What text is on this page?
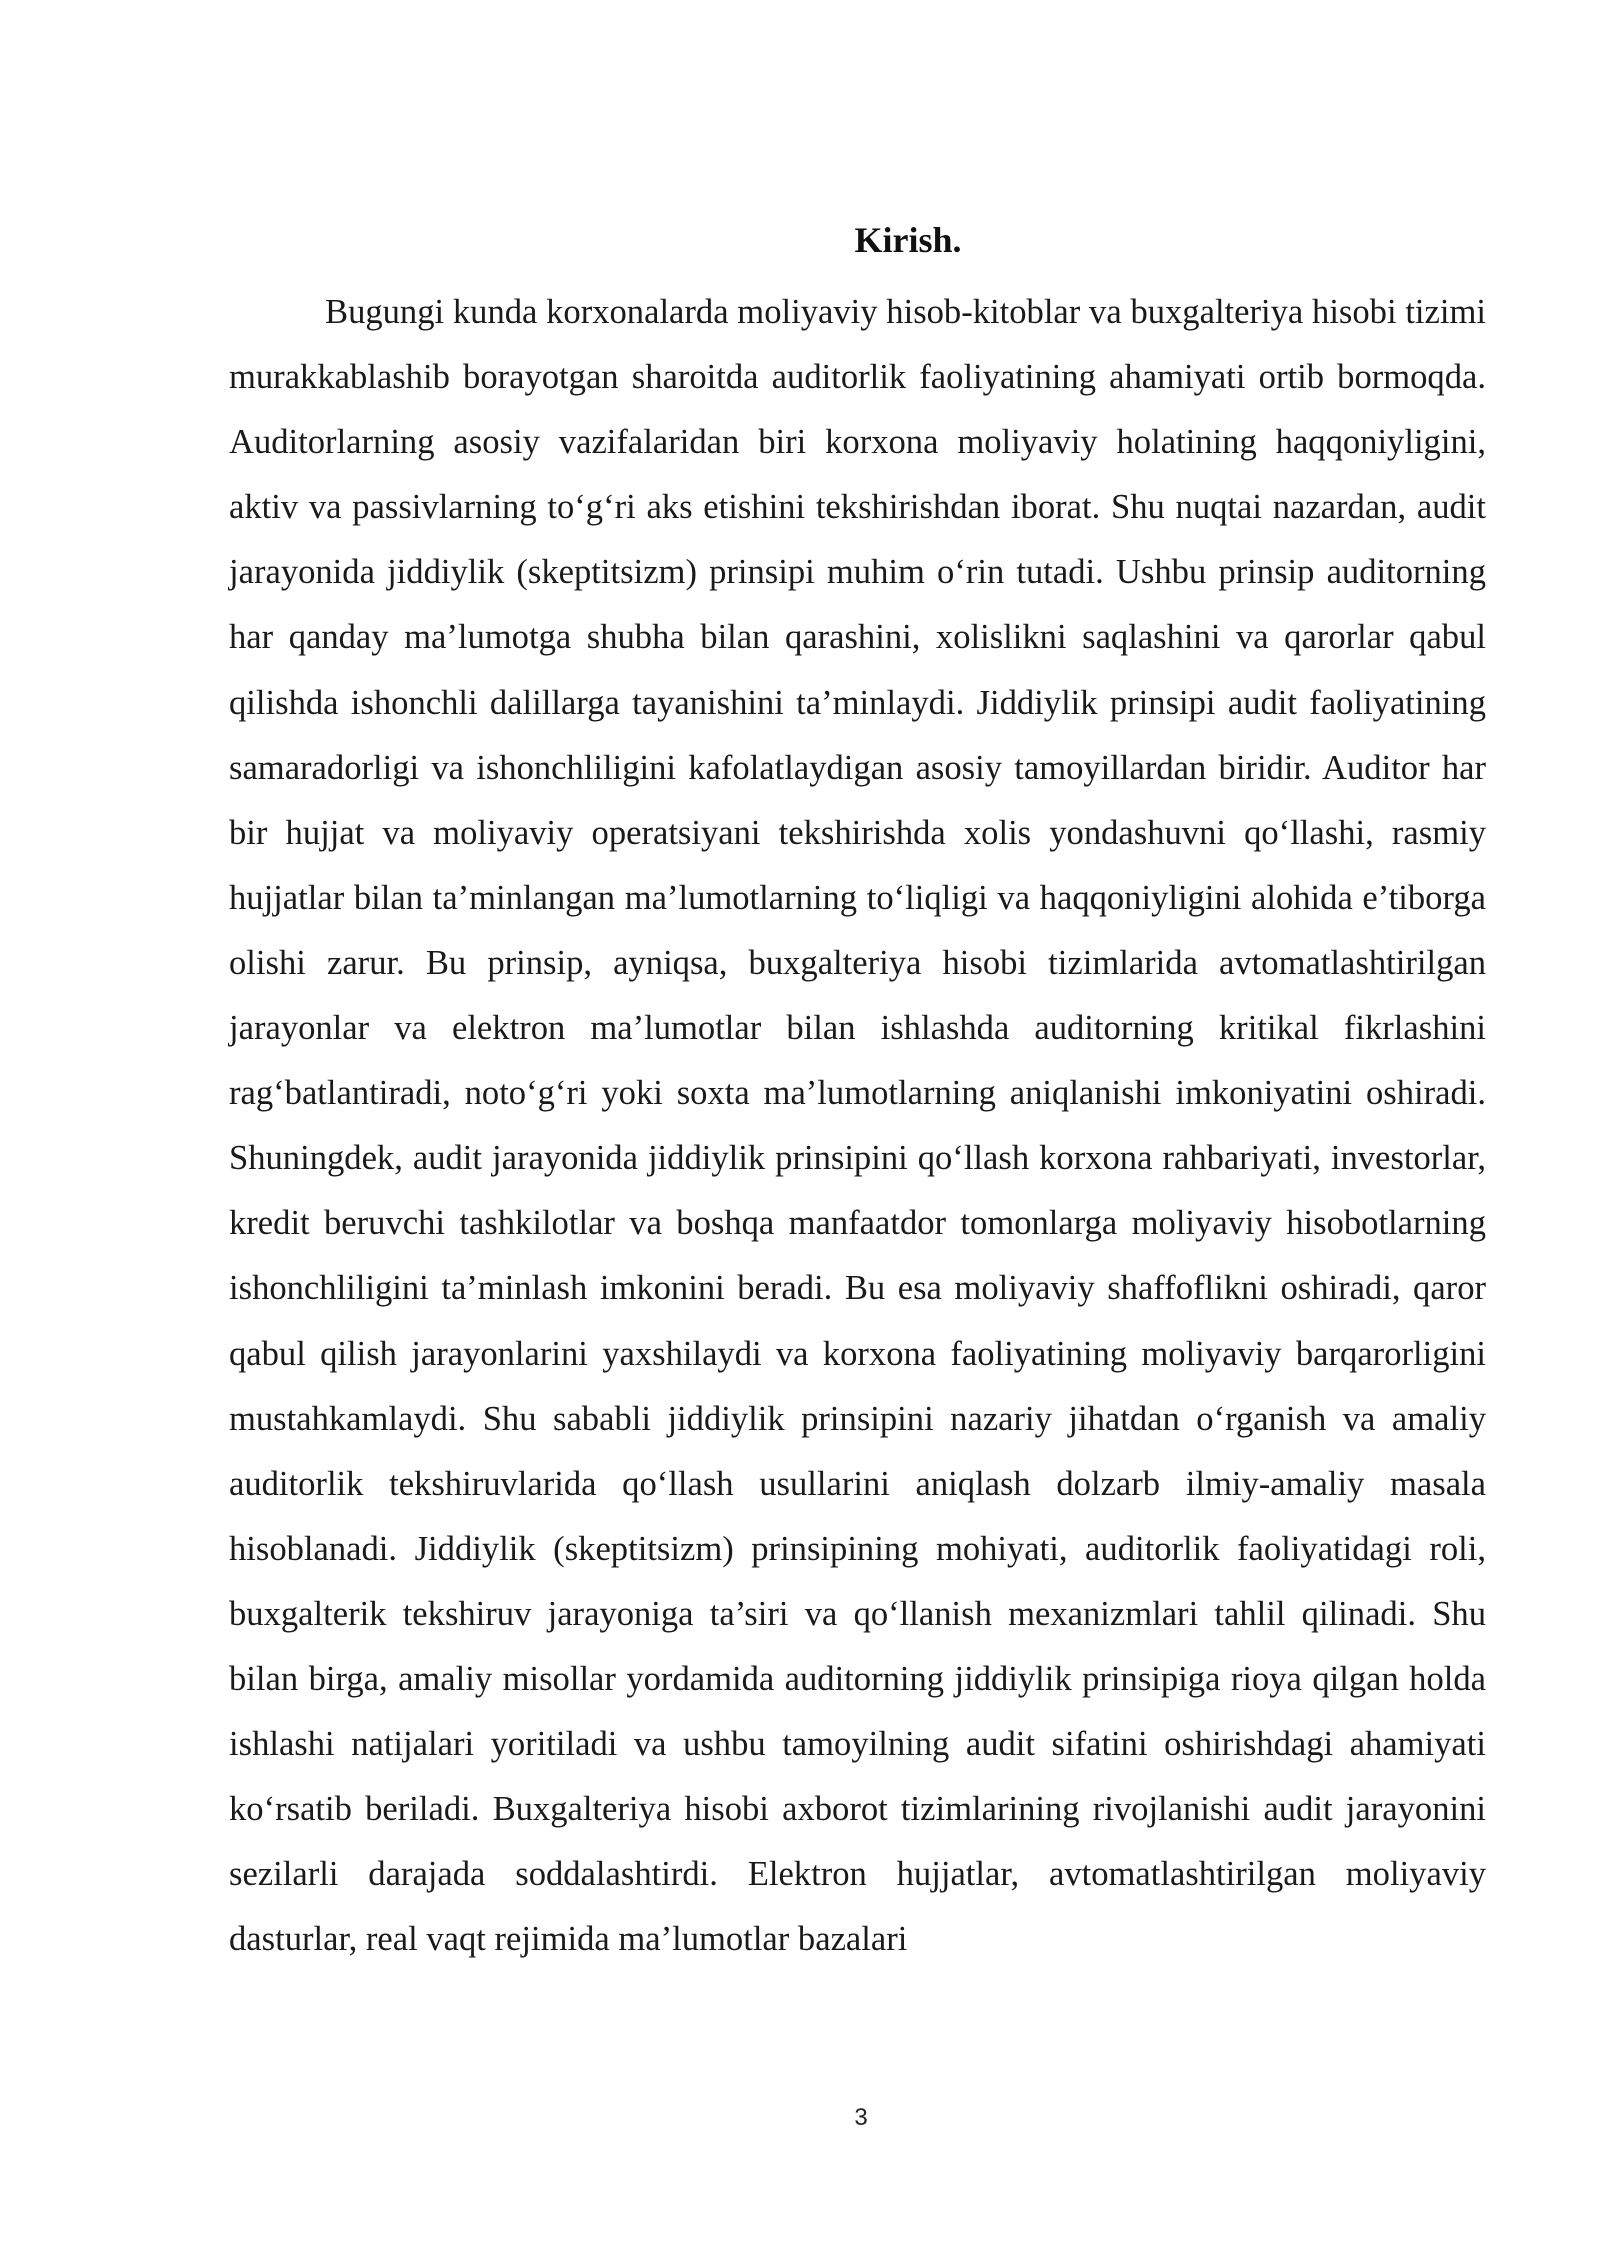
Kirish.

Bugungi kunda korxonalarda moliyaviy hisob-kitoblar va buxgalteriya hisobi tizimi murakkablashib borayotgan sharoitda auditorlik faoliyatining ahamiyati ortib bormoqda. Auditorlarning asosiy vazifalaridan biri korxona moliyaviy holatining haqqoniyligini, aktiv va passivlarning to‘g‘ri aks etishini tekshirishdan iborat. Shu nuqtai nazardan, audit jarayonida jiddiylik (skeptitsizm) prinsipi muhim o‘rin tutadi. Ushbu prinsip auditorning har qanday ma’lumotga shubha bilan qarashini, xolislikni saqlashini va qarorlar qabul qilishda ishonchli dalillarga tayanishini ta’minlaydi. Jiddiylik prinsipi audit faoliyatining samaradorligi va ishonchliligini kafolatlaydigan asosiy tamoyillardan biridir. Auditor har bir hujjat va moliyaviy operatsiyani tekshirishda xolis yondashuvni qo‘llashi, rasmiy hujjatlar bilan ta’minlangan ma’lumotlarning to‘liqligi va haqqoniyligini alohida e’tiborga olishi zarur. Bu prinsip, ayniqsa, buxgalteriya hisobi tizimlarida avtomatlashtirilgan jarayonlar va elektron ma’lumotlar bilan ishlashda auditorning kritikal fikrlashini rag‘batlantiradi, noto‘g‘ri yoki soxta ma’lumotlarning aniqlanishi imkoniyatini oshiradi. Shuningdek, audit jarayonida jiddiylik prinsipini qo‘llash korxona rahbariyati, investorlar, kredit beruvchi tashkilotlar va boshqa manfaatdor tomonlarga moliyaviy hisobotlarning ishonchliligini ta’minlash imkonini beradi. Bu esa moliyaviy shaffoflikni oshiradi, qaror qabul qilish jarayonlarini yaxshilaydi va korxona faoliyatining moliyaviy barqarorligini mustahkamlaydi. Shu sababli jiddiylik prinsipini nazariy jihatdan o‘rganish va amaliy auditorlik tekshiruvlarida qo‘llash usullarini aniqlash dolzarb ilmiy-amaliy masala hisoblanadi. Jiddiylik (skeptitsizm) prinsipining mohiyati, auditorlik faoliyatidagi roli, buxgalterik tekshiruv jarayoniga ta’siri va qo‘llanish mexanizmlari tahlil qilinadi. Shu bilan birga, amaliy misollar yordamida auditorning jiddiylik prinsipiga rioya qilgan holda ishlashi natijalari yoritiladi va ushbu tamoyilning audit sifatini oshirishdagi ahamiyati ko‘rsatib beriladi. Buxgalteriya hisobi axborot tizimlarining rivojlanishi audit jarayonini sezilarli darajada soddalashtirdi. Elektron hujjatlar, avtomatlashtirilgan moliyaviy dasturlar, real vaqt rejimida ma’lumotlar bazalari

3
